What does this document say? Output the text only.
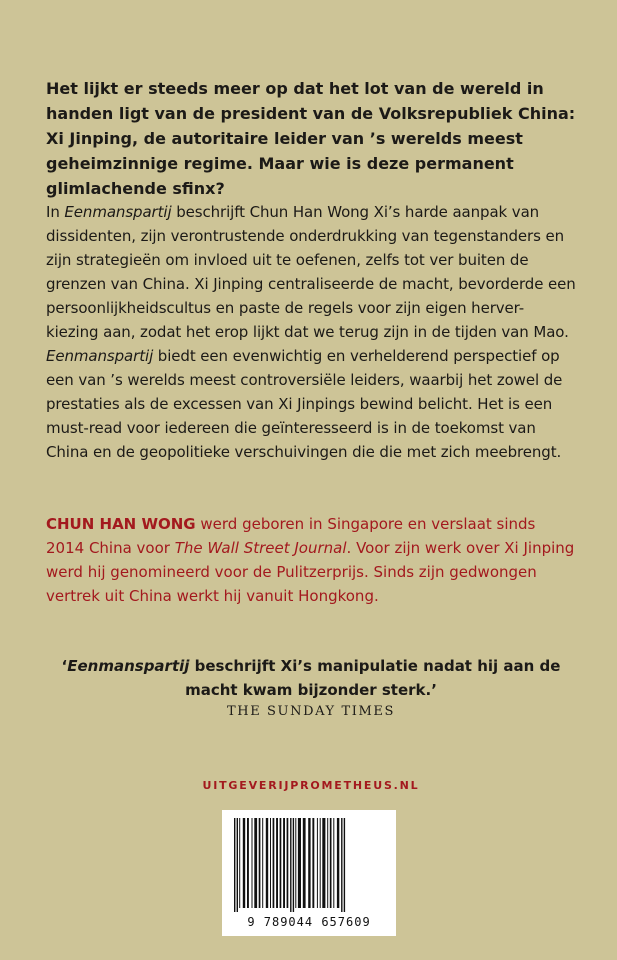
Het lijkt er steeds meer op dat het lot van de wereld in handen ligt van de president van de Volksrepubliek China: Xi Jinping, de autoritaire leider van ’s werelds meest geheimzinnige regime. Maar wie is deze permanent glimlachende sfinx?

In Eenmanspartij beschrijft Chun Han Wong Xi’s harde aanpak van dissidenten, zijn verontrustende onderdrukking van tegenstanders en zijn strategieën om invloed uit te oefenen, zelfs tot ver buiten de grenzen van China. Xi Jinping centraliseerde de macht, bevorderde een persoonlijkheidscultus en paste de regels voor zijn eigen herver-kiezing aan, zodat het erop lijkt dat we terug zijn in de tijden van Mao. Eenmanspartij biedt een evenwichtig en verhelderend perspectief op een van ’s werelds meest controversiële leiders, waarbij het zowel de prestaties als de excessen van Xi Jinpings bewind belicht. Het is een must-read voor iedereen die geïnteresseerd is in de toekomst van China en de geopolitieke verschuivingen die die met zich meebrengt.

CHUN HAN WONG werd geboren in Singapore en verslaat sinds 2014 China voor The Wall Street Journal. Voor zijn werk over Xi Jinping werd hij genomineerd voor de Pulitzerprijs. Sinds zijn gedwongen vertrek uit China werkt hij vanuit Hongkong.

‘Eenmanspartij beschrijft Xi’s manipulatie nadat hij aan de macht kwam bijzonder sterk.’

THE SUNDAY TIMES
UITGEVERIJPROMETHEUS.NL
9 789044 657609
